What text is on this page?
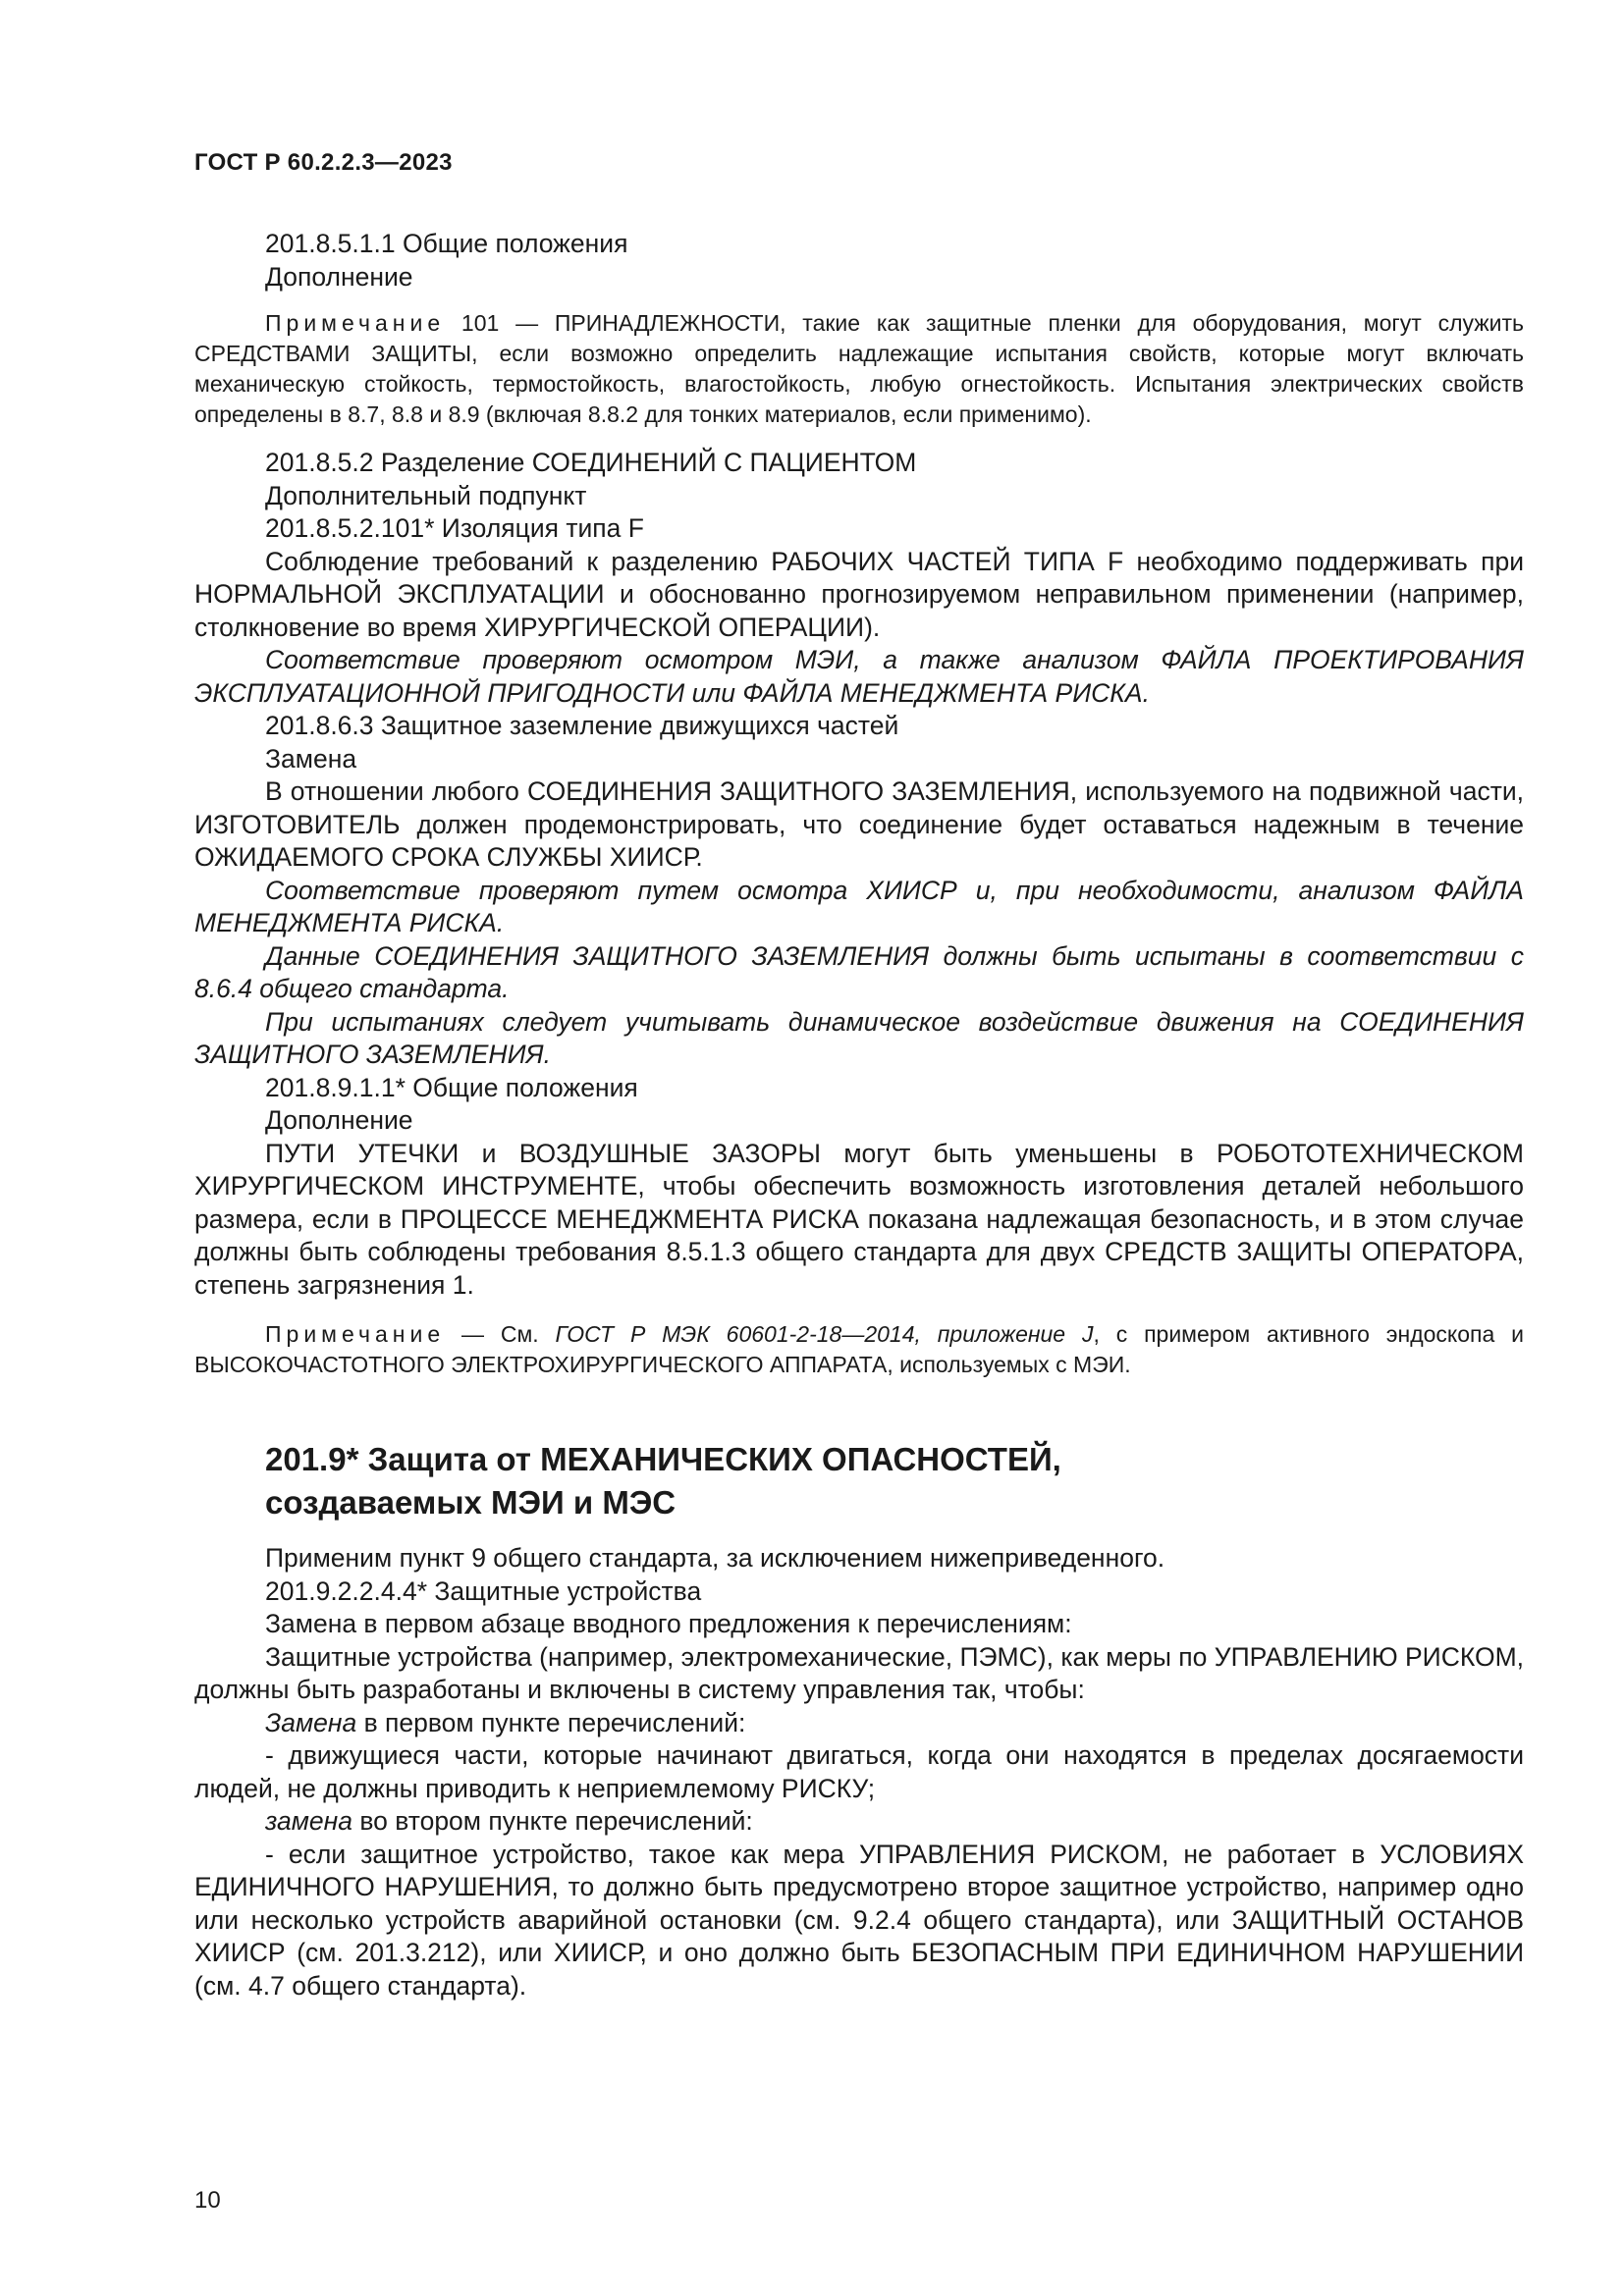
ГОСТ Р 60.2.2.3—2023

201.8.5.1.1 Общие положения

Дополнение

Примечание 101 — ПРИНАДЛЕЖНОСТИ, такие как защитные пленки для оборудования, могут служить СРЕДСТВАМИ ЗАЩИТЫ, если возможно определить надлежащие испытания свойств, которые могут включать механическую стойкость, термостойкость, влагостойкость, любую огнестойкость. Испытания электрических свойств определены в 8.7, 8.8 и 8.9 (включая 8.8.2 для тонких материалов, если применимо).

201.8.5.2 Разделение СОЕДИНЕНИЙ С ПАЦИЕНТОМ

Дополнительный подпункт

201.8.5.2.101* Изоляция типа F

Соблюдение требований к разделению РАБОЧИХ ЧАСТЕЙ ТИПА F необходимо поддерживать при НОРМАЛЬНОЙ ЭКСПЛУАТАЦИИ и обоснованно прогнозируемом неправильном применении (например, столкновение во время ХИРУРГИЧЕСКОЙ ОПЕРАЦИИ).

Соответствие проверяют осмотром МЭИ, а также анализом ФАЙЛА ПРОЕКТИРОВАНИЯ ЭКСПЛУАТАЦИОННОЙ ПРИГОДНОСТИ или ФАЙЛА МЕНЕДЖМЕНТА РИСКА.

201.8.6.3 Защитное заземление движущихся частей

Замена

В отношении любого СОЕДИНЕНИЯ ЗАЩИТНОГО ЗАЗЕМЛЕНИЯ, используемого на подвижной части, ИЗГОТОВИТЕЛЬ должен продемонстрировать, что соединение будет оставаться надежным в течение ОЖИДАЕМОГО СРОКА СЛУЖБЫ ХИИСР.

Соответствие проверяют путем осмотра ХИИСР и, при необходимости, анализом ФАЙЛА МЕНЕДЖМЕНТА РИСКА.

Данные СОЕДИНЕНИЯ ЗАЩИТНОГО ЗАЗЕМЛЕНИЯ должны быть испытаны в соответствии с 8.6.4 общего стандарта.

При испытаниях следует учитывать динамическое воздействие движения на СОЕДИНЕНИЯ ЗАЩИТНОГО ЗАЗЕМЛЕНИЯ.

201.8.9.1.1* Общие положения

Дополнение

ПУТИ УТЕЧКИ и ВОЗДУШНЫЕ ЗАЗОРЫ могут быть уменьшены в РОБОТОТЕХНИЧЕСКОМ ХИРУРГИЧЕСКОМ ИНСТРУМЕНТЕ, чтобы обеспечить возможность изготовления деталей небольшого размера, если в ПРОЦЕССЕ МЕНЕДЖМЕНТА РИСКА показана надлежащая безопасность, и в этом случае должны быть соблюдены требования 8.5.1.3 общего стандарта для двух СРЕДСТВ ЗАЩИТЫ ОПЕРАТОРА, степень загрязнения 1.

Примечание — См. ГОСТ Р МЭК 60601-2-18—2014, приложение J, с примером активного эндоскопа и ВЫСОКОЧАСТОТНОГО ЭЛЕКТРОХИРУРГИЧЕСКОГО АППАРАТА, используемых с МЭИ.

201.9* Защита от МЕХАНИЧЕСКИХ ОПАСНОСТЕЙ,
создаваемых МЭИ и МЭС

Применим пункт 9 общего стандарта, за исключением нижеприведенного.

201.9.2.2.4.4* Защитные устройства

Замена в первом абзаце вводного предложения к перечислениям:

Защитные устройства (например, электромеханические, ПЭМС), как меры по УПРАВЛЕНИЮ РИСКОМ, должны быть разработаны и включены в систему управления так, чтобы:

Замена в первом пункте перечислений:

- движущиеся части, которые начинают двигаться, когда они находятся в пределах досягаемости людей, не должны приводить к неприемлемому РИСКУ;

замена во втором пункте перечислений:

- если защитное устройство, такое как мера УПРАВЛЕНИЯ РИСКОМ, не работает в УСЛОВИЯХ ЕДИНИЧНОГО НАРУШЕНИЯ, то должно быть предусмотрено второе защитное устройство, например одно или несколько устройств аварийной остановки (см. 9.2.4 общего стандарта), или ЗАЩИТНЫЙ ОСТАНОВ ХИИСР (см. 201.3.212), или ХИИСР, и оно должно быть БЕЗОПАСНЫМ ПРИ ЕДИНИЧНОМ НАРУШЕНИИ (см. 4.7 общего стандарта).

10
